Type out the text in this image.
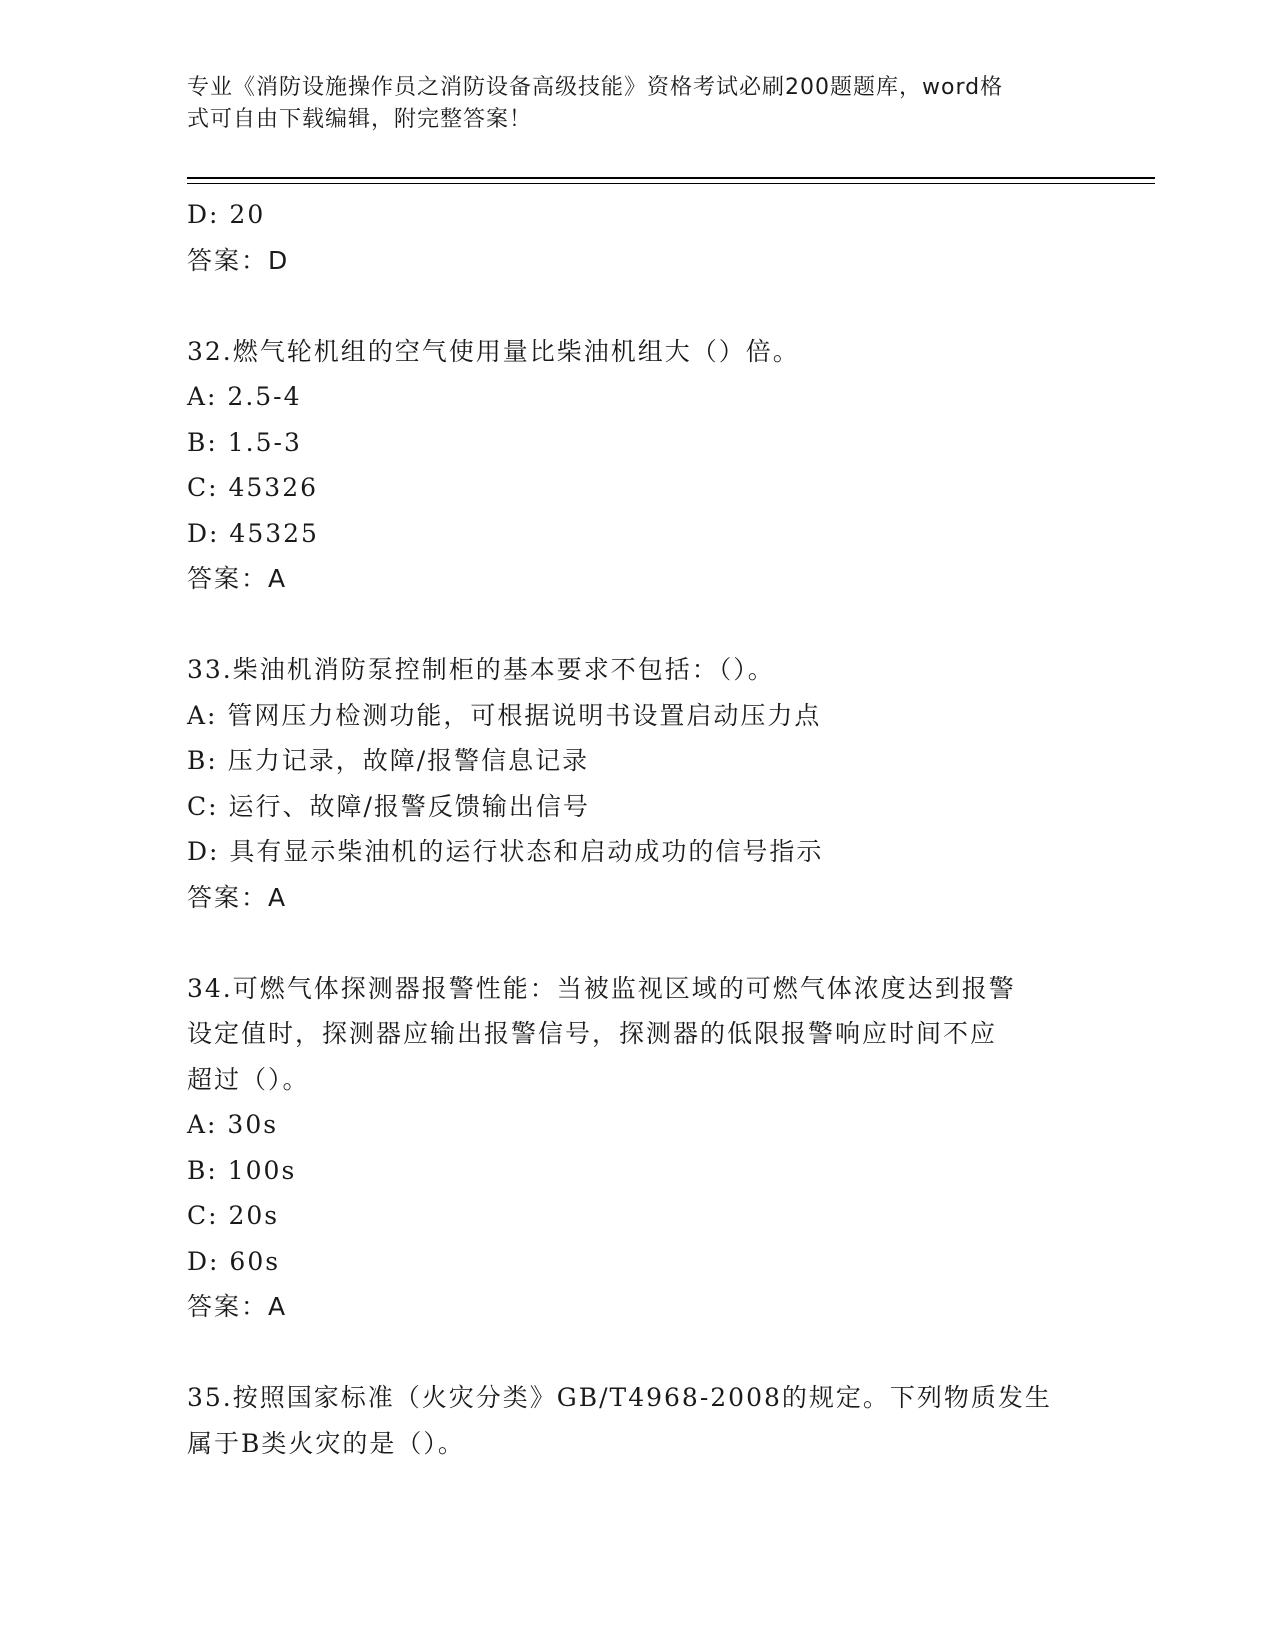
专业《消防设施操作员之消防设备高级技能》资格考试必刷200题题库，word格
式可自由下载编辑，附完整答案！
D: 20
答案：D
32.燃气轮机组的空气使用量比柴油机组大（）倍。
A: 2.5-4
B: 1.5-3
C: 45326
D: 45325
答案：A
33.柴油机消防泵控制柜的基本要求不包括：（）。
A: 管网压力检测功能，可根据说明书设置启动压力点
B: 压力记录，故障/报警信息记录
C: 运行、故障/报警反馈输出信号
D: 具有显示柴油机的运行状态和启动成功的信号指示
答案：A
34.可燃气体探测器报警性能：当被监视区域的可燃气体浓度达到报警
设定值时，探测器应输出报警信号，探测器的低限报警响应时间不应
超过（）。
A: 30s
B: 100s
C: 20s
D: 60s
答案：A
35.按照国家标准（火灾分类》GB/T4968-2008的规定。下列物质发生
属于B类火灾的是（）。
